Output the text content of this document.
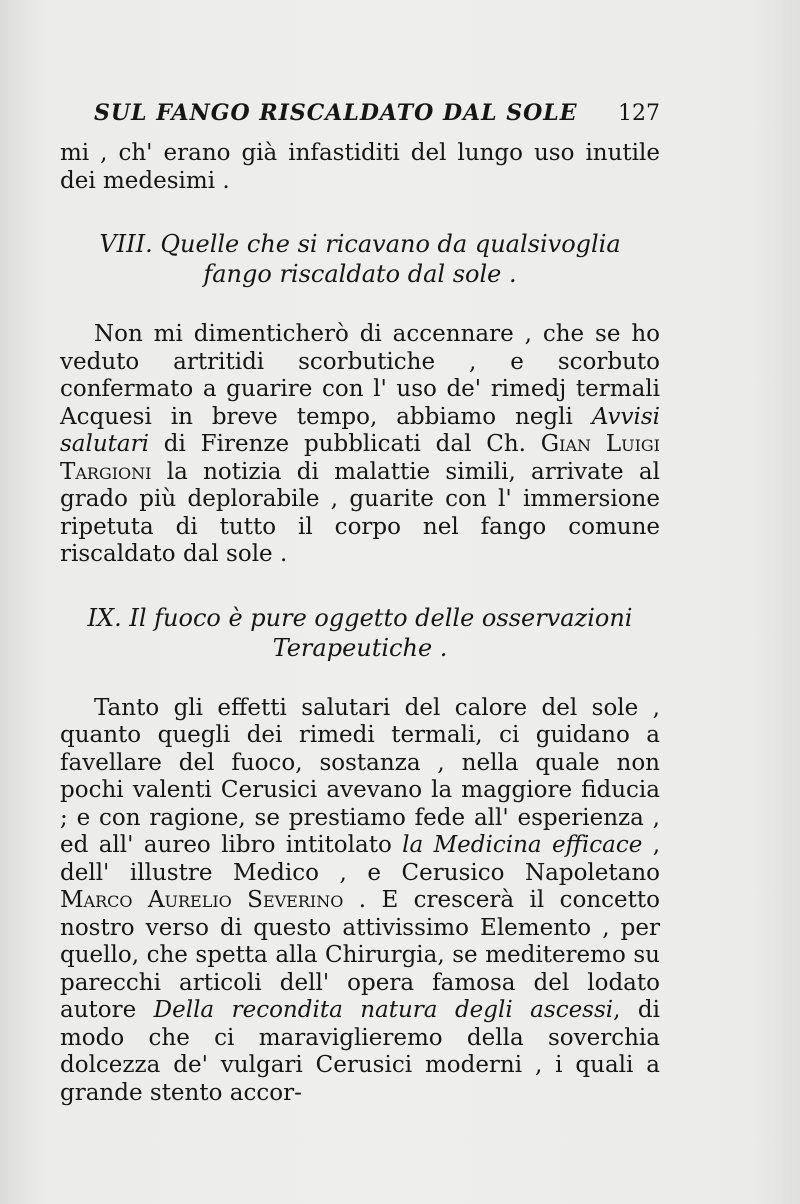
SUL FANGO RISCALDATO DAL SOLE 127

mi , ch' erano già infastiditi del lungo uso inutile dei medesimi .

VIII. Quelle che si ricavano da qualsivoglia
fango riscaldato dal sole .

Non mi dimenticherò di accennare , che se ho veduto artritidi scorbutiche , e scorbuto confermato a guarire con l' uso de' rimedj termali Acquesi in breve tempo, abbiamo negli Avvisi salutari di Firenze pubblicati dal Ch. Gian Luigi Targioni la notizia di malattie simili, arrivate al grado più deplorabile , guarite con l' immersione ripetuta di tutto il corpo nel fango comune riscaldato dal sole .

IX. Il fuoco è pure oggetto delle osservazioni
Terapeutiche .

Tanto gli effetti salutari del calore del sole , quanto quegli dei rimedi termali, ci guidano a favellare del fuoco, sostanza , nella quale non pochi valenti Cerusici avevano la maggiore fiducia ; e con ragione, se prestiamo fede all' esperienza , ed all' aureo libro intitolato la Medicina efficace , dell' illustre Medico , e Cerusico Napoletano Marco Aurelio Severino . E crescerà il concetto nostro verso di questo attivissimo Elemento , per quello, che spetta alla Chirurgia, se mediteremo su parecchi articoli dell' opera famosa del lodato autore Della recondita natura degli ascessi, di modo che ci maraviglieremo della soverchia dolcezza de' vulgari Cerusici moderni , i quali a grande stento accor-
